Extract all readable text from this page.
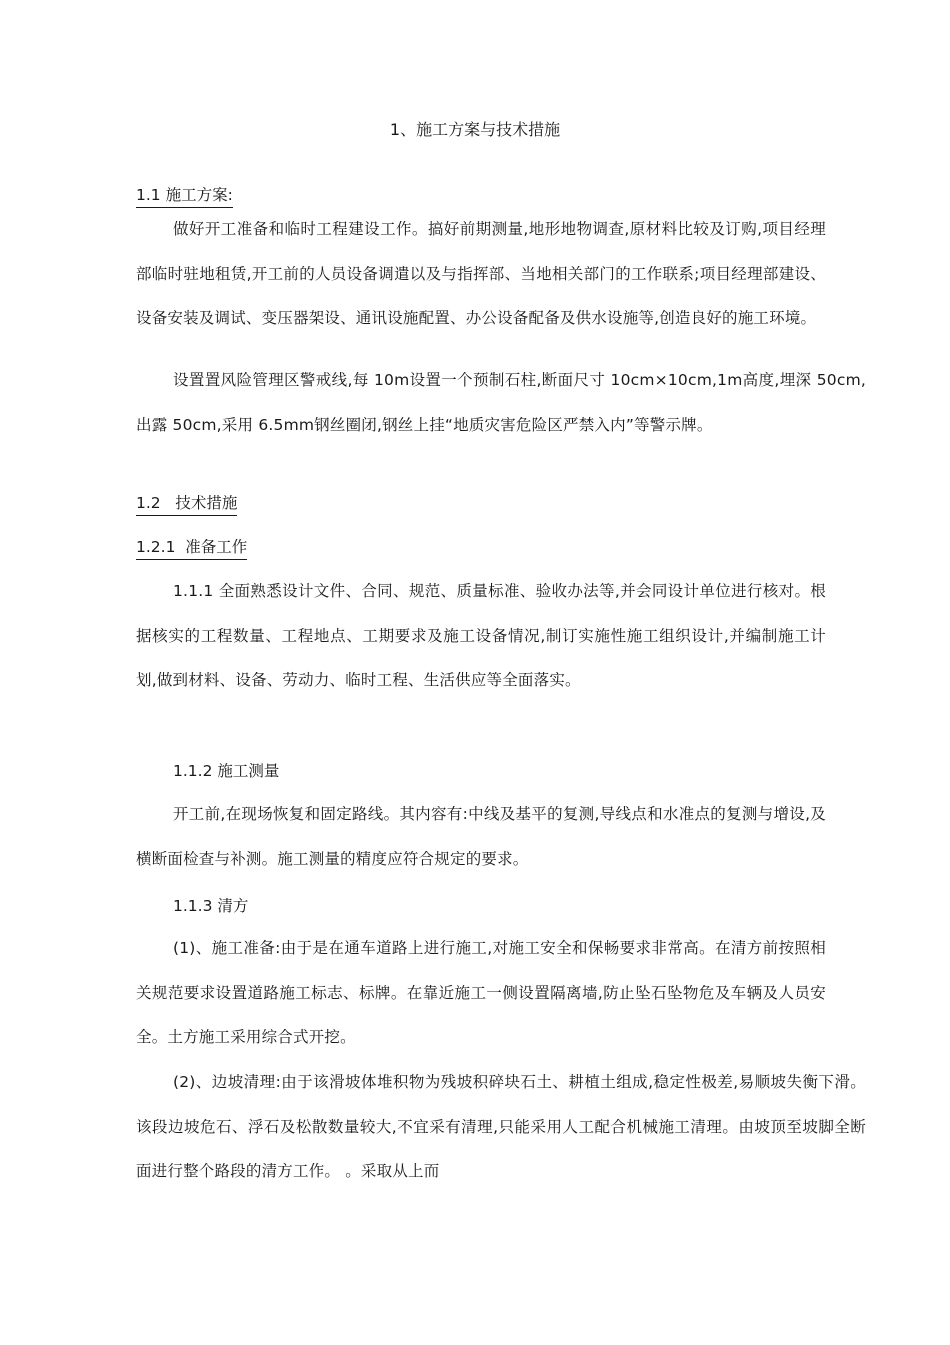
1、施工方案与技术措施
1.1 施工方案:
做好开工准备和临时工程建设工作。搞好前期测量,地形地物调查,原材料比较及订购,项目经理部临时驻地租赁,开工前的人员设备调遣以及与指挥部、当地相关部门的工作联系;项目经理部建设、设备安装及调试、变压器架设、通讯设施配置、办公设备配备及供水设施等,创造良好的施工环境。
设置置风险管理区警戒线,每 10m设置一个预制石柱,断面尺寸 10cm×10cm,1m高度,埋深 50cm,出露 50cm,采用 6.5mm钢丝圈闭,钢丝上挂“地质灾害危险区严禁入内”等警示牌。
1.2   技术措施
1.2.1  准备工作
1.1.1 全面熟悉设计文件、合同、规范、质量标准、验收办法等,并会同设计单位进行核对。根据核实的工程数量、工程地点、工期要求及施工设备情况,制订实施性施工组织设计,并编制施工计划,做到材料、设备、劳动力、临时工程、生活供应等全面落实。
1.1.2 施工测量
开工前,在现场恢复和固定路线。其内容有:中线及基平的复测,导线点和水准点的复测与增设,及横断面检查与补测。施工测量的精度应符合规定的要求。
1.1.3 清方
(1)、施工准备:由于是在通车道路上进行施工,对施工安全和保畅要求非常高。在清方前按照相关规范要求设置道路施工标志、标牌。在靠近施工一侧设置隔离墙,防止坠石坠物危及车辆及人员安全。土方施工采用综合式开挖。
(2)、边坡清理:由于该滑坡体堆积物为残坡积碎块石土、耕植土组成,稳定性极差,易顺坡失衡下滑。该段边坡危石、浮石及松散数量较大,不宜采有清理,只能采用人工配合机械施工清理。由坡顶至坡脚全断面进行整个路段的清方工作。 。采取从上而
